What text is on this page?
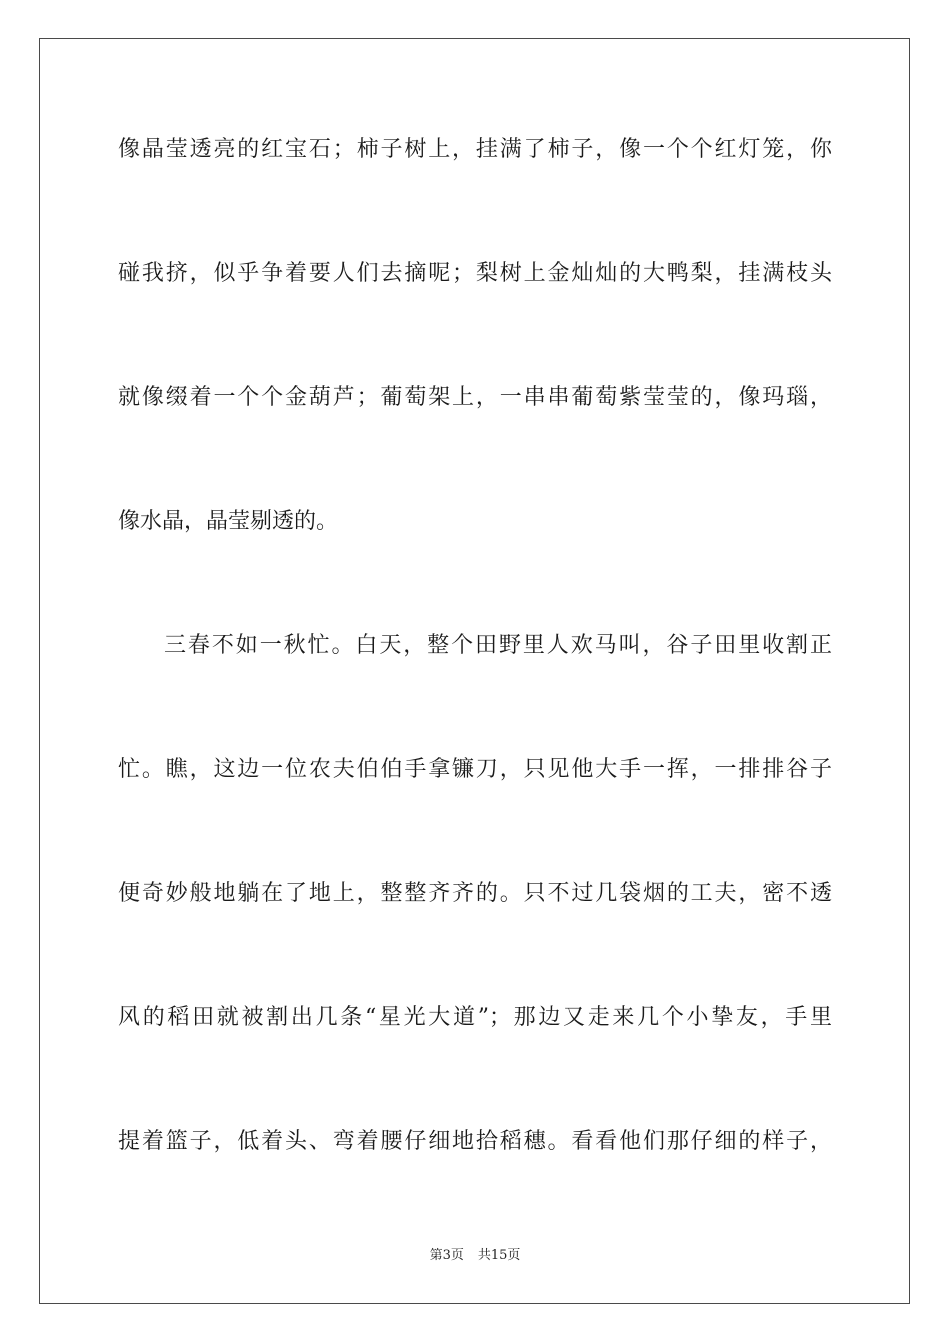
像晶莹透亮的红宝石；柿子树上，挂满了柿子，像一个个红灯笼，你
碰我挤，似乎争着要人们去摘呢；梨树上金灿灿的大鸭梨，挂满枝头
就像缀着一个个金葫芦；葡萄架上，一串串葡萄紫莹莹的，像玛瑙，
像水晶，晶莹剔透的。
三春不如一秋忙。白天，整个田野里人欢马叫，谷子田里收割正
忙。瞧，这边一位农夫伯伯手拿镰刀，只见他大手一挥，一排排谷子
便奇妙般地躺在了地上，整整齐齐的。只不过几袋烟的工夫，密不透
风的稻田就被割出几条“星光大道”；那边又走来几个小挚友，手里
提着篮子，低着头、弯着腰仔细地拾稻穗。看看他们那仔细的样子，
第3页 共15页
